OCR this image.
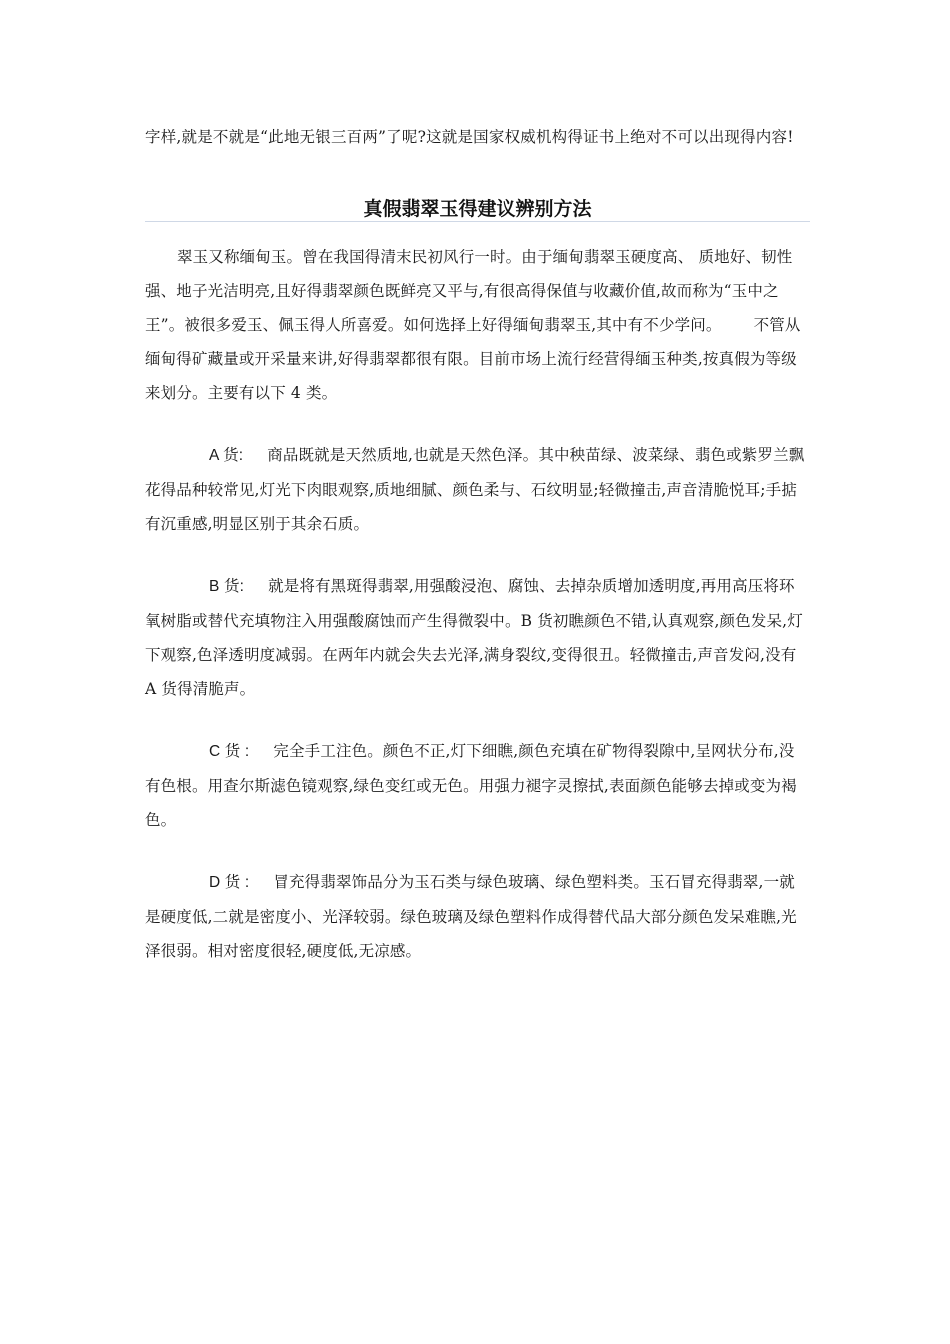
字样,就是不就是“此地无银三百两”了呢?这就是国家权威机构得证书上绝对不可以出现得内容!

真假翡翠玉得建议辨别方法

翠玉又称缅甸玉。曾在我国得清末民初风行一时。由于缅甸翡翠玉硬度高、 质地好、韧性强、地子光洁明亮,且好得翡翠颜色既鲜亮又平与,有很高得保值与收藏价值,故而称为“玉中之王”。被很多爱玉、佩玉得人所喜爱。如何选择上好得缅甸翡翠玉,其中有不少学问。 不管从缅甸得矿藏量或开采量来讲,好得翡翠都很有限。目前市场上流行经营得缅玉种类,按真假为等级来划分。主要有以下 4 类。

A 货: 商品既就是天然质地,也就是天然色泽。其中秧苗绿、波菜绿、翡色或紫罗兰飘花得品种较常见,灯光下肉眼观察,质地细腻、颜色柔与、石纹明显;轻微撞击,声音清脆悦耳;手掂有沉重感,明显区别于其余石质。

B 货: 就是将有黑斑得翡翠,用强酸浸泡、腐蚀、去掉杂质增加透明度,再用高压将环氧树脂或替代充填物注入用强酸腐蚀而产生得微裂中。B 货初瞧颜色不错,认真观察,颜色发呆,灯下观察,色泽透明度减弱。在两年内就会失去光泽,满身裂纹,变得很丑。轻微撞击,声音发闷,没有 A 货得清脆声。

C 货 : 完全手工注色。颜色不正,灯下细瞧,颜色充填在矿物得裂隙中,呈网状分布,没有色根。用查尔斯滤色镜观察,绿色变红或无色。用强力褪字灵擦拭,表面颜色能够去掉或变为褐色。

D 货 : 冒充得翡翠饰品分为玉石类与绿色玻璃、绿色塑料类。玉石冒充得翡翠,一就是硬度低,二就是密度小、光泽较弱。绿色玻璃及绿色塑料作成得替代品大部分颜色发呆难瞧,光泽很弱。相对密度很轻,硬度低,无凉感。
